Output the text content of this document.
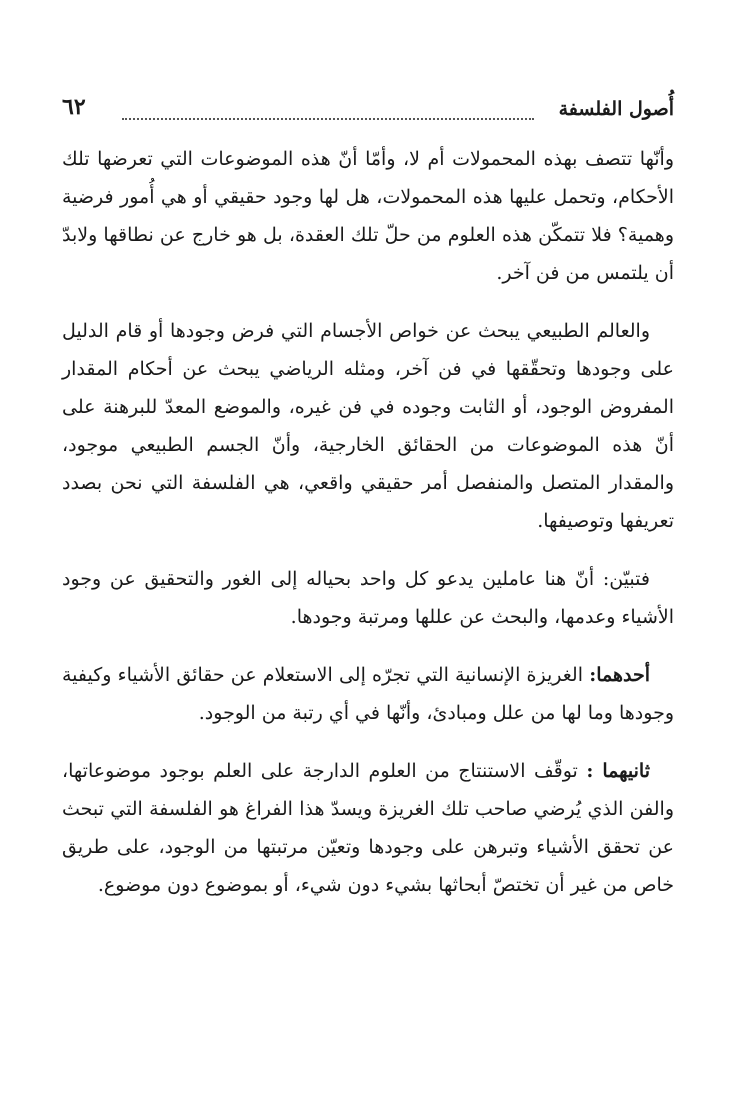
أُصول الفلسفة
٦٢

وأنّها تتصف بهذه المحمولات أم لا، وأمّا أنّ هذه الموضوعات التي تعرضها تلك الأحكام، وتحمل عليها هذه المحمولات، هل لها وجود حقيقي أو هي أُمور فرضية وهمية؟ فلا تتمكّن هذه العلوم من حلّ تلك العقدة، بل هو خارج عن نطاقها ولابدّ أن يلتمس من فن آخر.

والعالم الطبيعي يبحث عن خواص الأجسام التي فرض وجودها أو قام الدليل على وجودها وتحقّقها في فن آخر، ومثله الرياضي يبحث عن أحكام المقدار المفروض الوجود، أو الثابت وجوده في فن غيره، والموضع المعدّ للبرهنة على أنّ هذه الموضوعات من الحقائق الخارجية، وأنّ الجسم الطبيعي موجود، والمقدار المتصل والمنفصل أمر حقيقي واقعي، هي الفلسفة التي نحن بصدد تعريفها وتوصيفها.

فتبيّن: أنّ هنا عاملين يدعو كل واحد بحياله إلى الغور والتحقيق عن وجود الأشياء وعدمها، والبحث عن عللها ومرتبة وجودها.

أحدهما: الغريزة الإنسانية التي تجرّه إلى الاستعلام عن حقائق الأشياء وكيفية وجودها وما لها من علل ومبادئ، وأنّها في أي رتبة من الوجود.

ثانيهما : توقّف الاستنتاج من العلوم الدارجة على العلم بوجود موضوعاتها، والفن الذي يُرضي صاحب تلك الغريزة ويسدّ هذا الفراغ هو الفلسفة التي تبحث عن تحقق الأشياء وتبرهن على وجودها وتعيّن مرتبتها من الوجود، على طريق خاص من غير أن تختصّ أبحاثها بشيء دون شيء، أو بموضوع دون موضوع.
